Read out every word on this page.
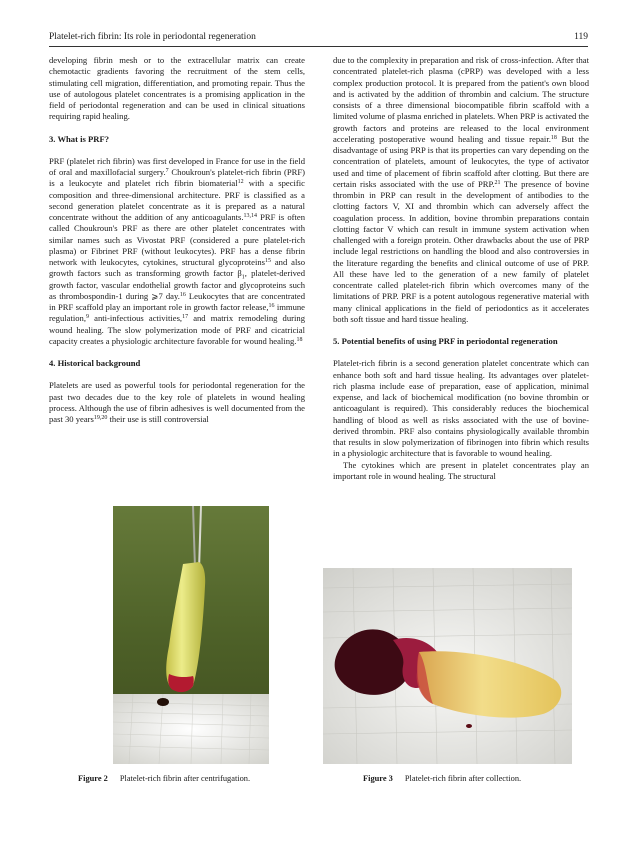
Platelet-rich fibrin: Its role in periodontal regeneration	119

developing fibrin mesh or to the extracellular matrix can create chemotactic gradients favoring the recruitment of the stem cells, stimulating cell migration, differentiation, and promoting repair. Thus the use of autologous platelet concentrates is a promising application in the field of periodontal regeneration and can be used in clinical situations requiring rapid healing.

3. What is PRF?

PRF (platelet rich fibrin) was first developed in France for use in the field of oral and maxillofacial surgery.$^7$ Choukroun's platelet-rich fibrin (PRF) is a leukocyte and platelet rich fibrin biomaterial$^{12}$ with a specific composition and three-dimensional architecture. PRF is classified as a second generation platelet concentrate as it is prepared as a natural concentrate without the addition of any anticoagulants.$^{13,14}$ PRF is often called Choukroun's PRF as there are other platelet concentrates with similar names such as Vivostat PRF (considered a pure platelet-rich plasma) or Fibrinet PRF (without leukocytes). PRF has a dense fibrin network with leukocytes, cytokines, structural glycoproteins$^{15}$ and also growth factors such as transforming growth factor $\beta_1$, platelet-derived growth factor, vascular endothelial growth factor and glycoproteins such as thrombospondin-1 during ⩾7 day.$^{16}$ Leukocytes that are concentrated in PRF scaffold play an important role in growth factor release,$^{16}$ immune regulation,$^9$ anti-infectious activities,$^{17}$ and matrix remodeling during wound healing. The slow polymerization mode of PRF and cicatricial capacity creates a physiologic architecture favorable for wound healing.$^{18}$

4. Historical background

Platelets are used as powerful tools for periodontal regeneration for the past two decades due to the key role of platelets in wound healing process. Although the use of fibrin adhesives is well documented from the past 30 years$^{19,20}$ their use is still controversial

due to the complexity in preparation and risk of cross-infection. After that concentrated platelet-rich plasma (cPRP) was developed with a less complex production protocol. It is prepared from the patient's own blood and is activated by the addition of thrombin and calcium. The structure consists of a three dimensional biocompatible fibrin scaffold with a limited volume of plasma enriched in platelets. When PRP is activated the growth factors and proteins are released to the local environment accelerating postoperative wound healing and tissue repair.$^{18}$ But the disadvantage of using PRP is that its properties can vary depending on the concentration of platelets, amount of leukocytes, the type of activator used and time of placement of fibrin scaffold after clotting. But there are certain risks associated with the use of PRP.$^{21}$ The presence of bovine thrombin in PRP can result in the development of antibodies to the clotting factors V, XI and thrombin which can adversely affect the coagulation process. In addition, bovine thrombin preparations contain clotting factor V which can result in immune system activation when challenged with a foreign protein. Other drawbacks about the use of PRP include legal restrictions on handling the blood and also controversies in the literature regarding the benefits and clinical outcome of use of PRP. All these have led to the generation of a new family of platelet concentrate called platelet-rich fibrin which overcomes many of the limitations of PRP. PRF is a potent autologous regenerative material with many clinical applications in the field of periodontics as it accelerates both soft tissue and hard tissue healing.

5. Potential benefits of using PRF in periodontal regeneration

Platelet-rich fibrin is a second generation platelet concentrate which can enhance both soft and hard tissue healing. Its advantages over platelet-rich plasma include ease of preparation, ease of application, minimal expense, and lack of biochemical modification (no bovine thrombin or anticoagulant is required). This considerably reduces the biochemical handling of blood as well as risks associated with the use of bovine-derived thrombin. PRF also contains physiologically available thrombin that results in slow polymerization of fibrinogen into fibrin which results in a physiologic architecture that is favorable to wound healing.

The cytokines which are present in platelet concentrates play an important role in wound healing. The structural

Figure 2 Platelet-rich fibrin after centrifugation.	Figure 3 Platelet-rich fibrin after collection.
